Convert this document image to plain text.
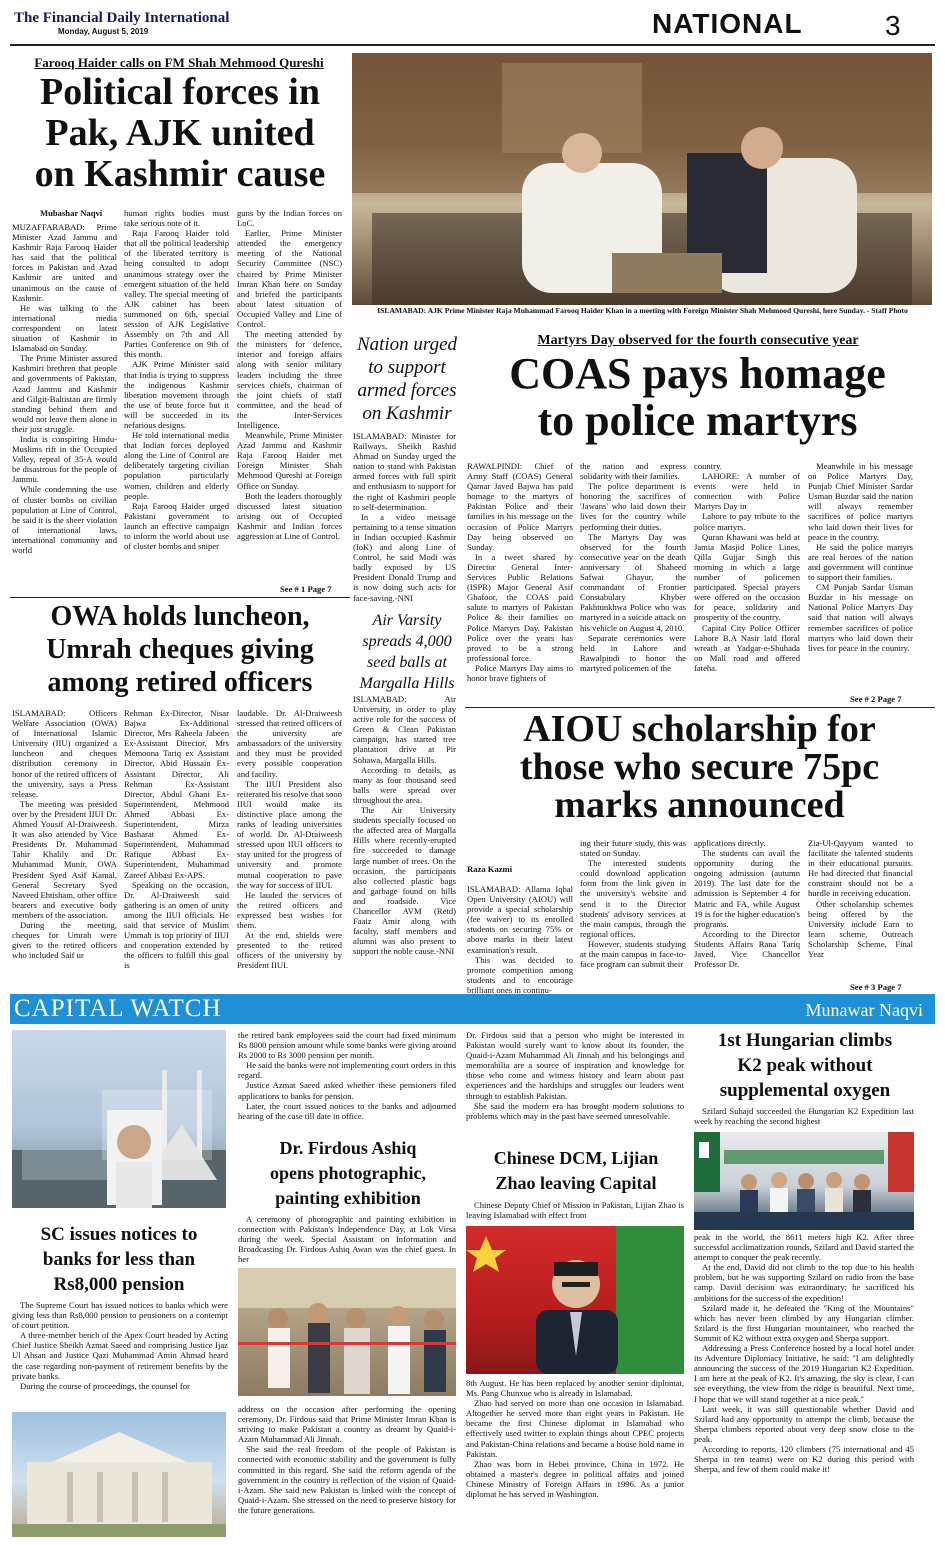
The Financial Daily International
Monday, August 5, 2019	NATIONAL	3
Farooq Haider calls on FM Shah Mehmood Qureshi
Political forces in
Pak, AJK united
on Kashmir cause
Mubashar Naqvi

MUZAFFARABAD: Prime Minister Azad Jammu and Kashmir Raja Farooq Haider has said that the political forces in Pakistan and Azad Kashmir are united and unanimous on the cause of Kashmir.

He was talking to the international media correspondent on latest situation of Kashmir in Islamabad on Sunday.

The Prime Minister assured Kashmiri brethren that people and governments of Pakistan, Azad Jammu and Kashmir and Gilgit-Baltistan are firmly standing behind them and would not leave them alone in their just struggle.

India is conspiring Hindu-Muslims rift in the Occupied Valley, repeal of 35-A would be disastrous for the people of Jammu.

While condemning the use of cluster bombs on civilian population at Line of Control, he said it is the sheer violation of international laws, international community and world

human rights bodies must take serious note of it.

Raja Farooq Haider told that all the political leadership of the liberated territory is being consulted to adopt unanimous strategy over the emergent situation of the held valley. The special meeting of AJK cabinet has been summoned on 6th, special session of AJK Legislative Assembly on 7th and All Parties Conference on 9th of this month.

AJK Prime Minister said that India is trying to suppress the indigenous Kashmir liberation movement through the use of brute force but it will be succeeded in its nefarious designs.

He told international media that Indian forces deployed along the Line of Control are deliberately targeting civilian population particularly women, children and elderly people.

Raja Farooq Haider urged Pakistani government to launch an effective campaign to inform the world about use of cluster bombs and sniper

guns by the Indian forces on LoC.

Earlier, Prime Minister attended the emergency meeting of the National Security Committee (NSC) chaired by Prime Minister Imran Khan here on Sunday and briefed the participants about latest situation of Occupied Valley and Line of Control.

The meeting attended by the ministers for defence, interior and foreign affairs along with senior military leaders including the three services chiefs, chairman of the joint chiefs of staff committee, and the head of the Inter-Services Intelligence.

Meanwhile, Prime Minister Azad Jammu and Kashmir Raja Farooq Haider met Foreign Minister Shah Mehmood Qureshi at Foreign Office on Sunday.

Both the leaders thoroughly discussed latest situation arising out of Occupied Kashmir and Indian forces aggression at Line of Control.

See # 1 Page 7
ISLAMABAD: AJK Prime Minister Raja Muhammad Farooq Haider Khan in a meeting with Foreign Minister Shah Mehmood Qureshi, here Sunday. - Staff Photo
Nation urged
to support
armed forces
on Kashmir

ISLAMABAD: Minister for Railways, Sheikh Rashid Ahmad on Sunday urged the nation to stand with Pakistan armed forces with full spirit and enthusiasm to support for the right of Kashmiri people to self-determination.

In a video message pertaining to a tense situation in Indian occupied Kashmir (IoK) and along Line of Control, he said Modi was badly exposed by US President Donald Trump and is now doing such acts for face-saving.-NNI

Air Varsity
spreads 4,000
seed balls at
Margalla Hills

ISLAMABAD: Air University, in order to play active role for the success of Green & Clean Pakistan campaign, has started tree plantation drive at Pir Sohawa, Margalla Hills.

According to details, as many as four thousand seed balls were spread over throughout the area.

The Air University students specially focused on the affected area of Margalla Hills where recently-erupted fire succeeded to damage large number of trees. On the occasion, the participants also collected plastic bags and garbage found on hills and roadside. Vice Chancellor AVM (Retd) Faaiz Amir along with faculty, staff members and alumni was also present to support the noble cause.-NNI

Martyrs Day observed for the fourth consecutive year
COAS pays homage
to police martyrs

RAWALPINDI: Chief of Army Staff (COAS) General Qamar Javed Bajwa has paid homage to the martyrs of Pakistan Police and their families in his message on the occasion of Police Martyrs Day being observed on Sunday.

In a tweet shared by Director General Inter-Services Public Relations (ISPR) Major General Asif Ghafoor, the COAS paid salute to martyrs of Pakistan Police & their families on Police Martyrs Day. Pakistan Police over the years has proved to be a strong professional force.

Police Martyrs Day aims to honor brave fighters of

the nation and express solidarity with their families.

The police department is honoring the sacrifices of 'Jawans' who laid down their lives for the country while performing their duties.

The Martyrs Day was observed for the fourth consecutive year on the death anniversary of Shaheed Safwat Ghayur, the commandant of Frontier Constabulary Khyber Pakhtunkhwa Police who was martyred in a suicide attack on his vehicle on August 4, 2010.

Separate ceremonies were held in Lahore and Rawalpindi to honor the martyred policemen of the

country.

LAHORE: A number of events were held in connection with Police Martyrs Day in

Lahore to pay tribute to the police martyrs.

Quran Khawani was held at Jamia Masjid Police Lines, Qilla Gujjar Singh this morning in which a large number of policemen participated. Special prayers were offered on the occasion for peace, solidarity and prosperity of the country.

Capital City Police Officer Lahore B.A Nasir laid floral wreath at Yadgar-e-Shuhada on Mall road and offered fateha.

Meanwhile in his message on Police Martyrs Day, Punjab Chief Minister Sardar Usman Buzdar said the nation will always remember sacrifices of police martyrs who laid down their lives for peace in the country.

He said the police martyrs are real heroes of the nation and government will continue to support their families.

CM Punjab Sardar Usman Buzdar in his message on National Police Martyrs Day said that nation will always remember sacrifices of police martyrs who laid down their lives for peace in the country.

See # 2 Page 7
OWA holds luncheon,
Umrah cheques giving
among retired officers

ISLAMABAD: Officers Welfare Association (OWA) of International Islamic University (IIU) organized a luncheon and cheques distribution ceremony in honor of the retired officers of the university, says a Press release.

The meeting was presided over by the President IIUI Dr. Ahmed Yousif Al-Draiweesh. It was also attended by Vice Presidents Dr. Muhammad Tahir Khalily and Dr. Muhammad Munir, OWA President Syed Asif Kamal, General Secretary Syed Naveed Ehtisham, other office bearers and executive body members of the association.

During the meeting, cheques for Umrah were given to the retired officers who included Saif ur

Rehman Ex-Director, Nisar Bajwa Ex-Additional Director, Mrs Raheela Jabeen Ex-Assistant Director, Mrs Memoona Tariq ex Assistant Director, Abid Hussain Ex-Assistant Director, Ali Rehman Ex-Assistant Director, Abdul Ghani Ex-Superintendent, Mehmood Ahmed Abbasi Ex-Superintendent, Mirza Basharat Ahmed Ex-Superintendent, Muhammad Rafique Abbasi Ex-Superintendent, Muhammad Zareef Abbasi Ex-APS.

Speaking on the occasion, Dr. Al-Draiweesh said gathering is an omen of unity among the IIUI officials. He said that service of Muslim Ummah is top priority of IIUI and cooperation extended by the officers to fulfill this goal is

laudable. Dr. Al-Draiweesh stressed that retired officers of the university are ambassadors of the university and they must be provided every possible cooperation and facility.

The IIUI President also reiterated his resolve that soon IIUI would make its distinctive place among the ranks of leading universities of world. Dr. Al-Draiweesh stressed upon IIUI officers to stay united for the progress of university and promote mutual cooperation to pave the way for success of IIUI.

He lauded the services of the retired officers and expressed best wishes for them.

At the end, shields were presented to the retired officers of the university by President IIUI.

AIOU scholarship for
those who secure 75pc
marks announced
Raza Kazmi

ISLAMABAD: Allama Iqbal Open University (AIOU) will provide a special scholarship (fee waiver) to its enrolled students on securing 75% or above marks in their latest examination's result.

This was decided to promote competition among students and to encourage brilliant ones in continu-

ing their future study, this was stated on Sunday.

The interested students could download application form from the link given in the university's website and send it to the Director students' advisory services at the main campus, through the regional offices.

However, students studying at the main campus in face-to-face program can submit their

applications directly.

The students can avail the opportunity during the ongoing admission (autumn 2019). The last date for the admission is September 4 for Matric and FA, while August 19 is for the higher education's programs.

According to the Director Students Affairs Rana Tariq Javed, Vice Chancellor Professor Dr.

Zia-Ul-Qayyum wanted to facilitate the talented students in their educational pursuits. He had directed that financial constraint should not be a hurdle in receiving education.

Other scholarship schemes being offered by the University include Earn to learn scheme, Outreach Scholarship Scheme, Final Year

See # 3 Page 7
CAPITAL WATCH	Munawar Naqvi
SC issues notices to
banks for less than
Rs8,000 pension

The Supreme Court has issued notices to banks which were giving less than Rs8,000 pension to pensioners on a contempt of court petition.

A three-member bench of the Apex Court headed by Acting Chief Justice Sheikh Azmat Saeed and comprising Justice Ijaz Ul Ahsan and Justice Qazi Muhammad Amin Ahmad heard the case regarding non-payment of retirement benefits by the private banks.

During the course of proceedings, the counsel for

the retired bank employees said the court had fixed minimum Rs 8000 pension amount while some banks were giving around Rs 2000 to Rs 3000 pension per month.

He said the banks were not implementing court orders in this regard.

Justice Azmat Saeed asked whether these pensioners filed applications to banks for pension.

Later, the court issued notices to the banks and adjourned hearing of the case till date in office.

Dr. Firdous Ashiq
opens photographic,
painting exhibition

A ceremony of photographic and painting exhibition in connection with Pakistan's Independence Day, at Lok Virsa during the week. Special Assistant on Information and Broadcasting Dr. Firdous Ashiq Awan was the chief guest. In her

address on the occasion after performing the opening ceremony, Dr. Firdous said that Prime Minister Imran Khan is striving to make Pakistan a country as dreamt by Quaid-i-Azam Muhammad Ali Jinnah.

She said the real freedom of the people of Pakistan is connected with economic stability and the government is fully committed in this regard. She said the reform agenda of the government in the country is reflection of the vision of Quaid-i-Azam. She said new Pakistan is linked with the concept of Quaid-i-Azam. She stressed on the need to preserve history for the future generations.

Dr. Firdous said that a person who might be interested in Pakistan would surely want to know about its founder, the Quaid-i-Azam Muhammad Ali Jinnah and his belongings and memorabilia are a source of inspiration and knowledge for those who come and witness history and learn about past experiences and the hardships and struggles our leaders went through to establish Pakistan.

She said the modern era has brought modern solutions to problems which may in the past have seemed unresolvable.

Chinese DCM, Lijian
Zhao leaving Capital

Chinese Deputy Chief of Mission in Pakistan, Lijian Zhao is leaving Islamabad with effect from

8th August. He has been replaced by another senior diplomat, Ms. Pang Chunxue who is already in Islamabad.

Zhao had served on more than one occasion in Islamabad. Altogether he served more than eight years in Pakistan. He became the first Chinese diplomat in Islamabad who effectively used twitter to explain things about CPEC projects and Pakistan-China relations and became a house hold name in Pakistan.

Zhao was born in Hebei province, China in 1972. He obtained a master's degree in political affairs and joined Chinese Ministry of Foreign Affairs in 1996. As a junior diplomat he has served in Washington.

1st Hungarian climbs
K2 peak without
supplemental oxygen

Szilard Suhajd succeeded the Hungarian K2 Expedition last week by reaching the second highest

peak in the world, the 8611 meters high K2. After three successful acclimatization rounds, Szilard and David started the attempt to conquer the peak recently.

At the end, David did not climb to the top due to his health problem, but he was supporting Szilard on radio from the base camp. David decision was extraordinary; he sacrificed his ambitions for the success of the expedition!

Szilard made it, he defeated the "King of the Mountains" which has never been climbed by any Hungarian climber. Szilard is the first Hungarian mountaineer, who reached the Summit of K2 without extra oxygen and Sherpa support.

Addressing a Press Conference hosted by a local hotel under its Adventure Diplomacy Initiative, he said: "I am delightedly announcing the success of the 2019 Hungarian K2 Expedition. I am here at the peak of K2. It's amazing, the sky is clear, I can see everything, the view from the ridge is beautiful. Next time, I hope that we will stand together at a nice peak."

Last week, it was still questionable whether David and Szilard had any opportunity to attempt the climb, because the Sherpa climbers reported about very deep snow close to the peak.

According to reports, 120 climbers (75 international and 45 Sherpa in ten teams) were on K2 during this period with Sherpa, and few of them could make it!
